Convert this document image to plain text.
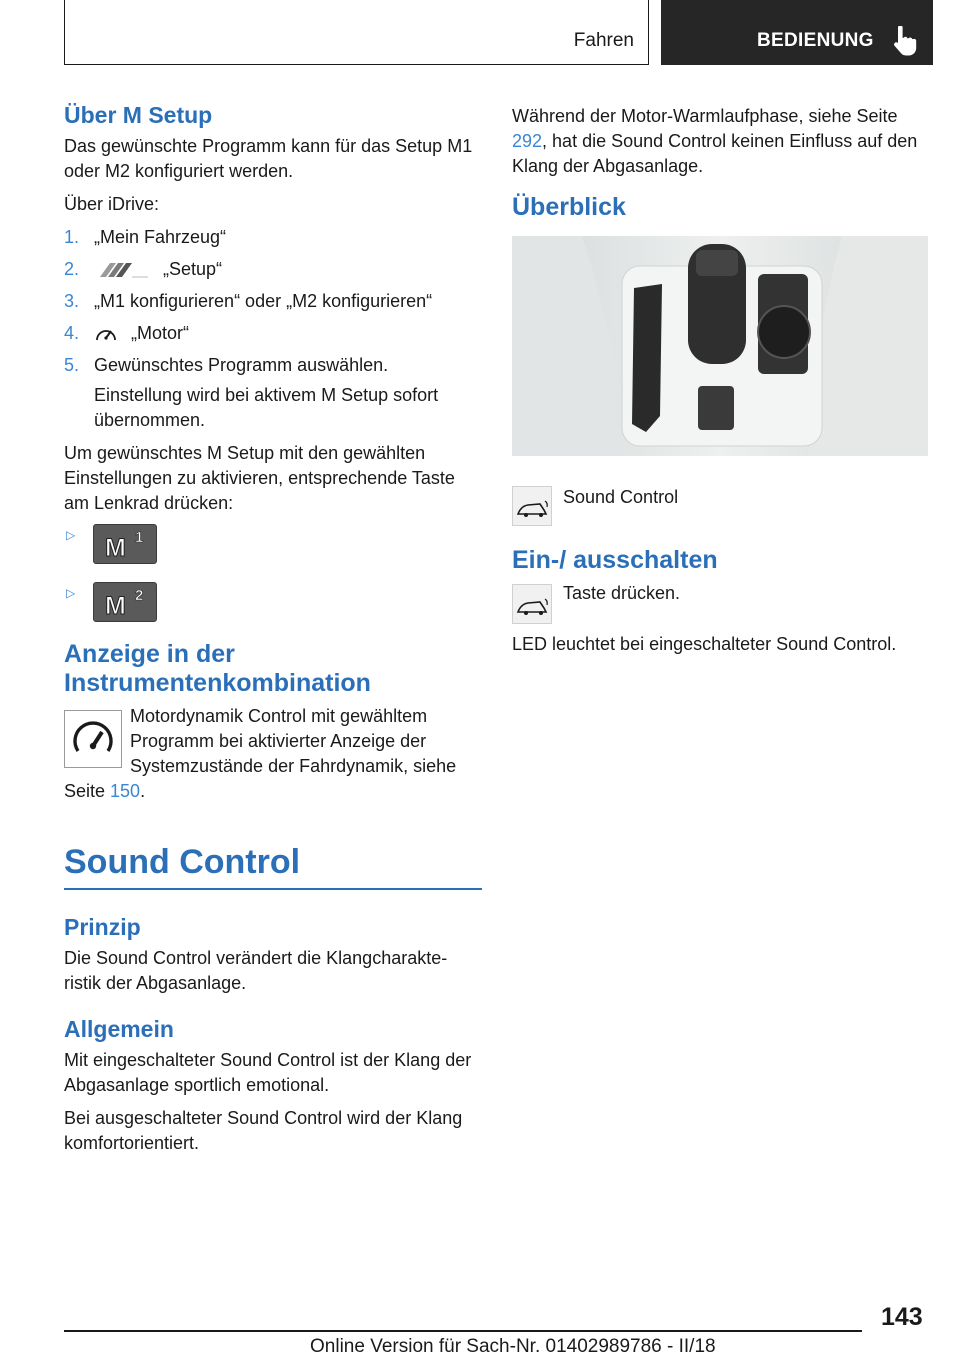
Fahren	BEDIENUNG
Über M Setup

Das gewünschte Programm kann für das Setup M1 oder M2 konfiguriert werden.

Über iDrive:

1. „Mein Fahrzeug“
2.	„Setup“
3. „M1 konfigurieren“ oder „M2 konfigurieren“
4.	„Motor“
5. Gewünschtes Programm auswählen.

Einstellung wird bei aktivem M Setup sofort übernommen.

Um gewünschtes M Setup mit den gewählten Einstellungen zu aktivieren, entsprechende Taste am Lenkrad drücken:

▷ M 1
▷ M 2
Anzeige in der Instrumentenkombination

Motordynamik Control mit gewähltem Programm bei aktivierter Anzeige der Systemzustände der Fahrdynamik, siehe Seite 150.

Sound Control
Prinzip

Die Sound Control verändert die Klangcharakte-ristik der Abgasanlage.

Allgemein

Mit eingeschalteter Sound Control ist der Klang der Abgasanlage sportlich emotional.

Bei ausgeschalteter Sound Control wird der Klang komfortorientiert.

Während der Motor-Warmlaufphase, siehe Seite 292, hat die Sound Control keinen Einfluss auf den Klang der Abgasanlage.

Überblick

Sound Control

Ein-/ ausschalten

Taste drücken.

LED leuchtet bei eingeschalteter Sound Control.

143
Online Version für Sach-Nr. 01402989786 - II/18
